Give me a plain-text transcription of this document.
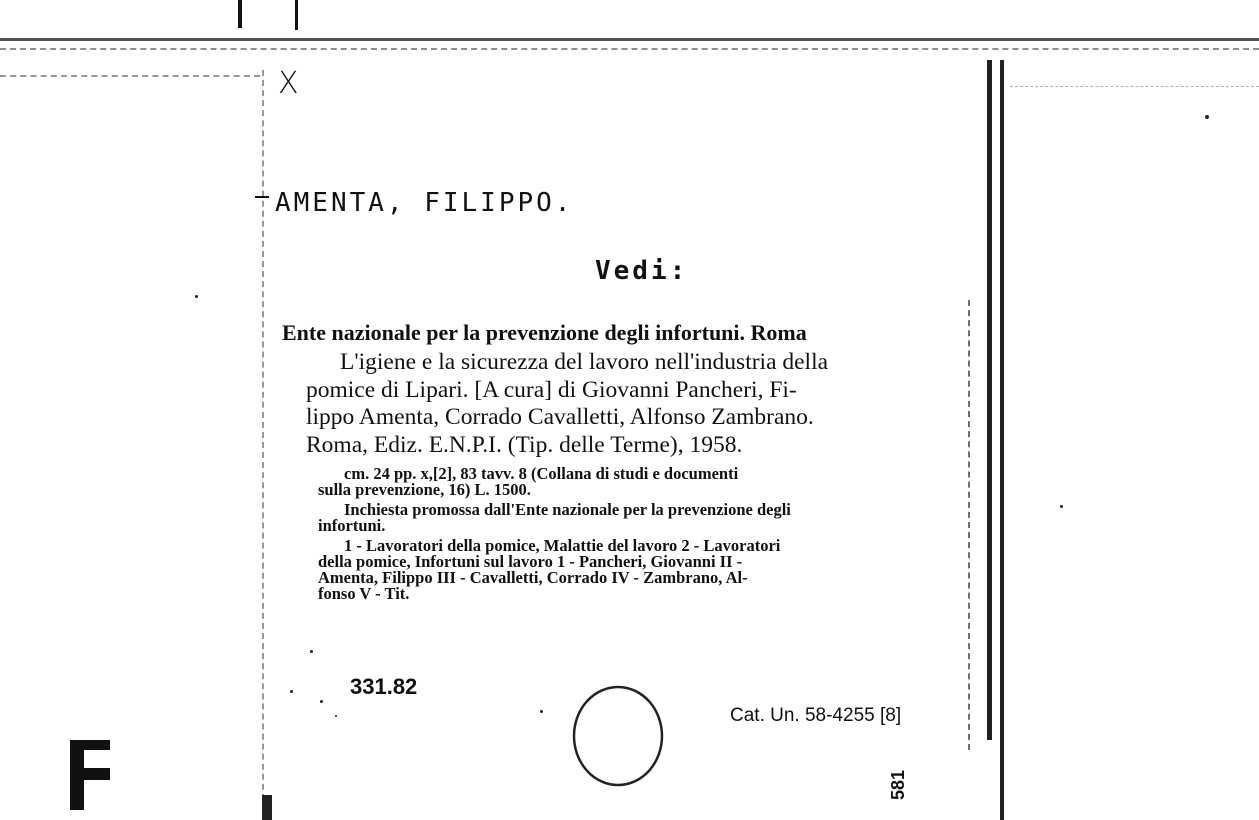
X
AMENTA, FILIPPO.
Vedi:
Ente nazionale per la prevenzione degli infortuni. Roma
L'igiene e la sicurezza del lavoro nell'industria della
pomice di Lipari. [A cura] di Giovanni Pancheri, Fi-
lippo Amenta, Corrado Cavalletti, Alfonso Zambrano.
Roma, Ediz. E.N.P.I. (Tip. delle Terme), 1958.
cm. 24 pp. x,[2], 83 tavv. 8 (Collana di studi e documenti
sulla prevenzione, 16) L. 1500.
Inchiesta promossa dall'Ente nazionale per la prevenzione degli
infortuni.
1 - Lavoratori della pomice, Malattie del lavoro 2 - Lavoratori
della pomice, Infortuni sul lavoro 1 - Pancheri, Giovanni II -
Amenta, Filippo III - Cavalletti, Corrado IV - Zambrano, Al-
fonso V - Tit.
331.82
Cat. Un. 58-4255 [8]
581
